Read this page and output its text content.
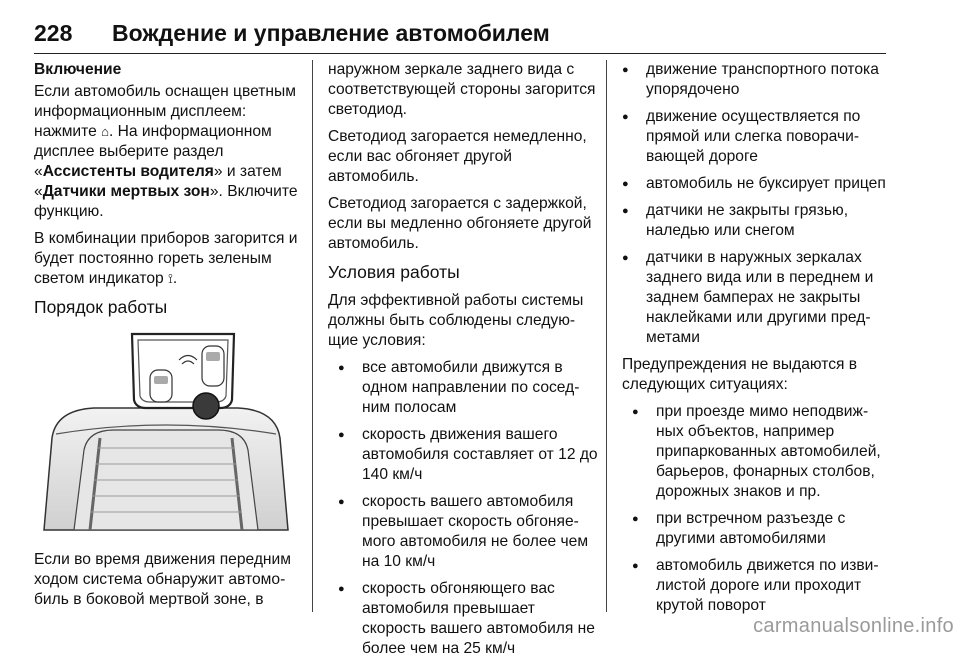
228 Вождение и управление автомобилем
Включение

Если автомобиль оснащен цветным информационным дисплеем: нажмите ⌂. На информационном дисплее выберите раздел «Ассистенты водителя» и затем «Датчики мертвых зон». Включите функцию.

В комбинации приборов загорится и будет постоянно гореть зеленым светом индикатор ⟟.

Порядок работы

Если во время движения передним ходом система обнаружит автомобиль в боковой мертвой зоне, в

наружном зеркале заднего вида с соответствующей стороны загорится светодиод.

Светодиод загорается немедленно, если вас обгоняет другой автомобиль.

Светодиод загорается с задержкой, если вы медленно обгоняете другой автомобиль.

Условия работы

Для эффективной работы системы должны быть соблюдены следующие условия:

● все автомобили движутся в одном направлении по соседним полосам
● скорость движения вашего автомобиля составляет от 12 до 140 км/ч
● скорость вашего автомобиля превышает скорость обгоняемого автомобиля не более чем на 10 км/ч
● скорость обгоняющего вас автомобиля превышает скорость вашего автомобиля не более чем на 25 км/ч
● движение транспортного потока упорядочено
● движение осуществляется по прямой или слегка поворачивающей дороге
● автомобиль не буксирует прицеп
● датчики не закрыты грязью, наледью или снегом
● датчики в наружных зеркалах заднего вида или в переднем и заднем бамперах не закрыты наклейками или другими предметами

Предупреждения не выдаются в следующих ситуациях:

● при проезде мимо неподвижных объектов, например припаркованных автомобилей, барьеров, фонарных столбов, дорожных знаков и пр.
● при встречном разъезде с другими автомобилями
● автомобиль движется по извилистой дороге или проходит крутой поворот
carmanualsonline.info
